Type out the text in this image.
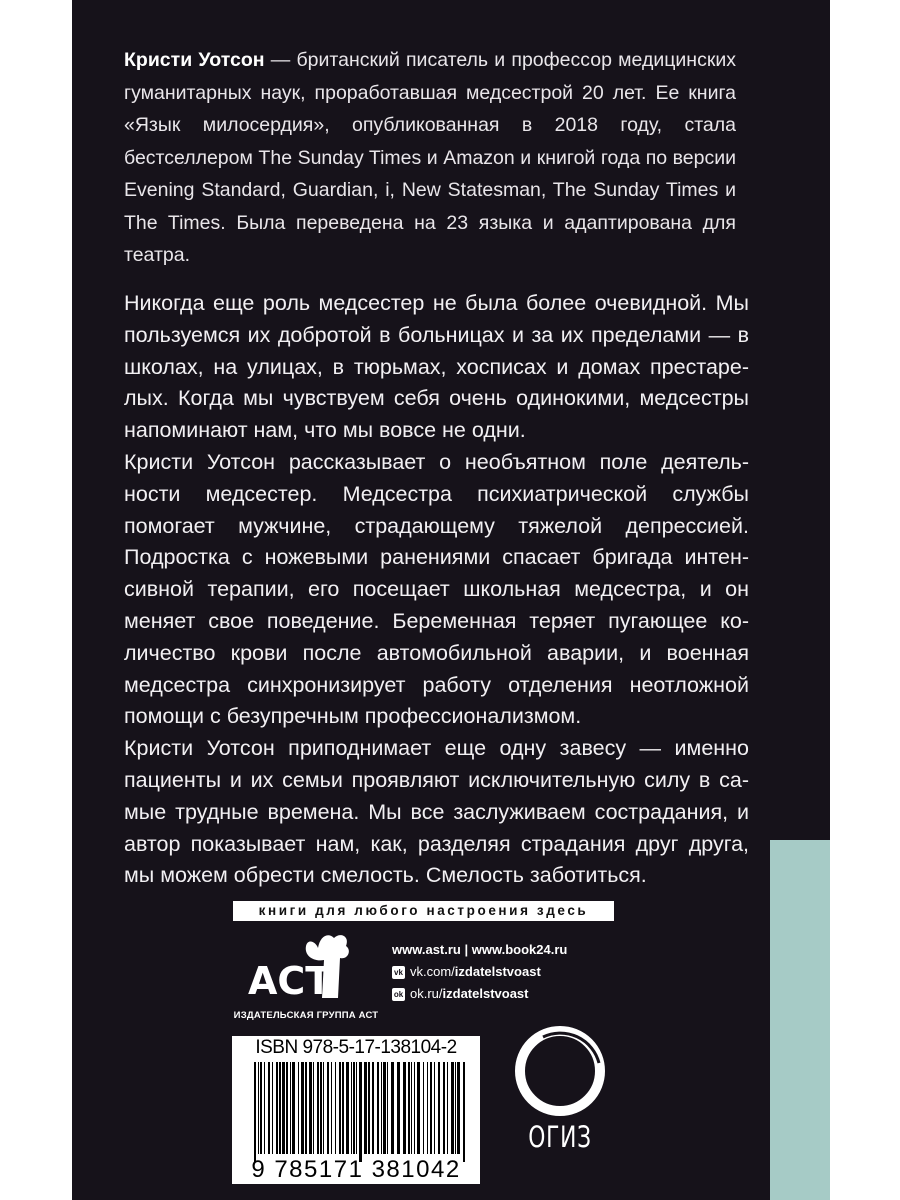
Кристи Уотсон — британский писатель и профессор медицинских гуманитарных наук, проработавшая медсестрой 20 лет. Ее книга «Язык милосердия», опубликованная в 2018 году, стала бестселлером The Sunday Times и Amazon и книгой года по версии Evening Standard, Guardian, i, New Statesman, The Sunday Times и The Times. Была переведена на 23 языка и адаптирована для театра.

Никогда еще роль медсестер не была более очевидной. Мы пользуемся их добротой в больницах и за их пределами — в школах, на улицах, в тюрьмах, хосписах и домах престарелых. Когда мы чувствуем себя очень одинокими, медсестры напоминают нам, что мы вовсе не одни.

Кристи Уотсон рассказывает о необъятном поле деятельности медсестер. Медсестра психиатрической службы помогает мужчине, страдающему тяжелой депрессией. Подростка с ножевыми ранениями спасает бригада интенсивной терапии, его посещает школьная медсестра, и он меняет свое поведение. Беременная теряет пугающее количество крови после автомобильной аварии, и военная медсестра синхронизирует работу отделения неотложной помощи с безупречным профессионализмом.

Кристи Уотсон приподнимает еще одну завесу — именно пациенты и их семьи проявляют исключительную силу в самые трудные времена. Мы все заслуживаем сострадания, и автор показывает нам, как, разделяя страдания друг друга, мы можем обрести смелость. Смелость заботиться.

книги для любого настроения здесь
АСТ
ИЗДАТЕЛЬСКАЯ ГРУППА АСТ
www.ast.ru | www.book24.ru
vk vk.com/ izdatelstvoast
ok ok.ru/ izdatelstvoast
ISBN 978-5-17-138104-2
9 785171 381042
ОГИЗ
